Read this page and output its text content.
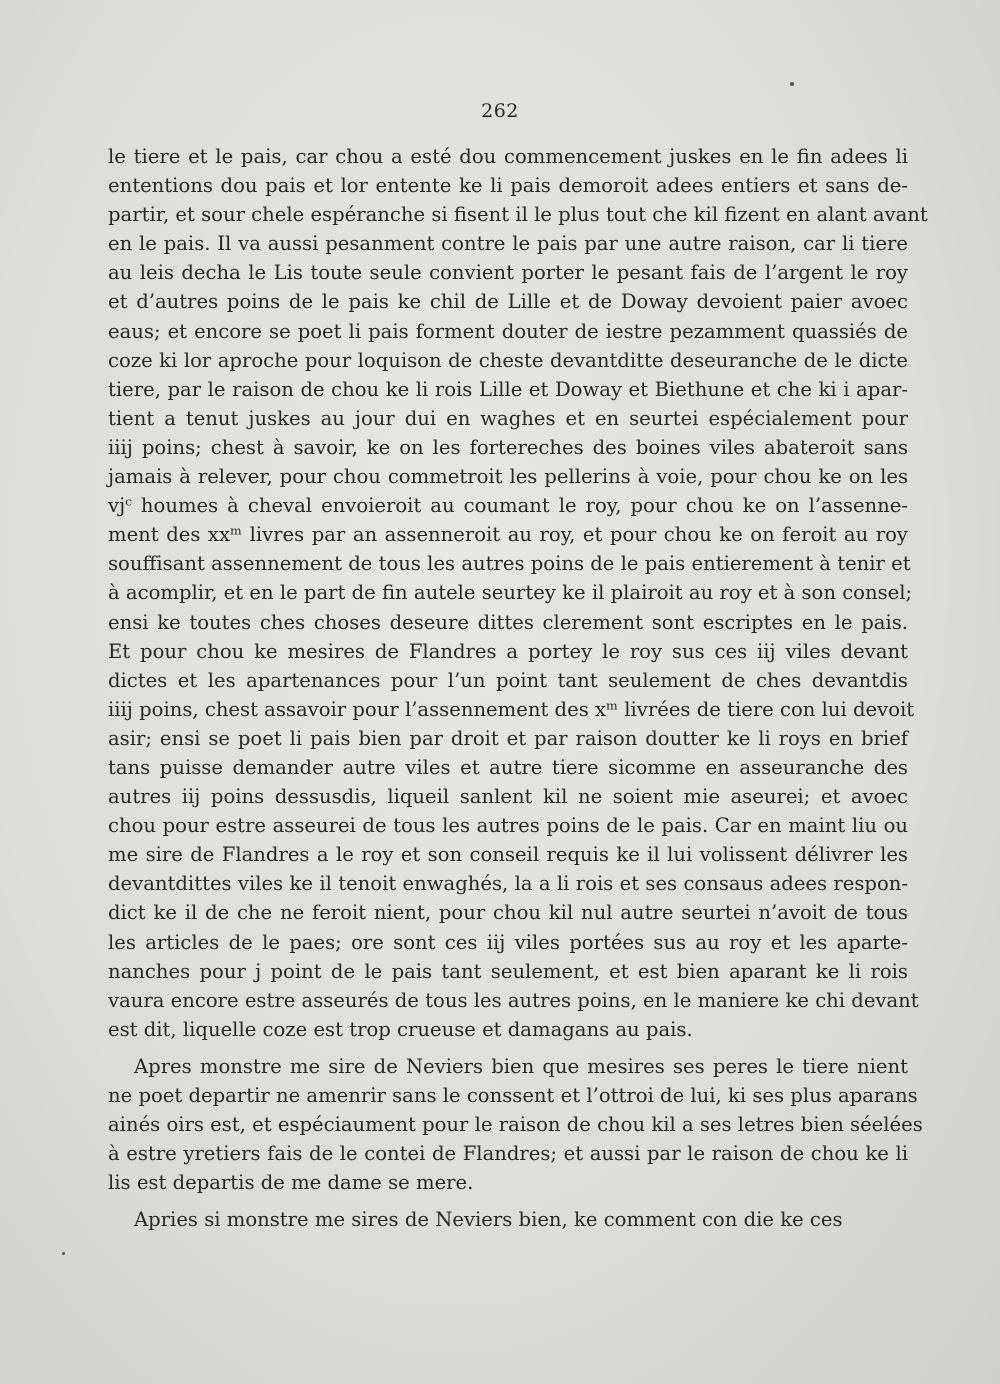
262
le tiere et le pais, car chou a esté dou commencement juskes en le fin adees li
ententions dou pais et lor entente ke li pais demoroit adees entiers et sans de-
partir, et sour chele espéranche si fisent il le plus tout che kil fizent en alant avant
en le pais. Il va aussi pesanment contre le pais par une autre raison, car li tiere
au leis decha le Lis toute seule convient porter le pesant fais de l’argent le roy
et d’autres poins de le pais ke chil de Lille et de Doway devoient paier avoec
eaus; et encore se poet li pais forment douter de iestre pezamment quassiés de
coze ki lor aproche pour loquison de cheste devantditte deseuranche de le dicte
tiere, par le raison de chou ke li rois Lille et Doway et Biethune et che ki i apar-
tient a tenut juskes au jour dui en waghes et en seurtei espécialement pour
iiij poins; chest à savoir, ke on les fortereches des boines viles abateroit sans
jamais à relever, pour chou commetroit les pellerins à voie, pour chou ke on les
vjᶜ houmes à cheval envoieroit au coumant le roy, pour chou ke on l’assenne-
ment des xxᵐ livres par an assenneroit au roy, et pour chou ke on feroit au roy
souffisant assennement de tous les autres poins de le pais entierement à tenir et
à acomplir, et en le part de fin autele seurtey ke il plairoit au roy et à son consel;
ensi ke toutes ches choses deseure dittes clerement sont escriptes en le pais.
Et pour chou ke mesires de Flandres a portey le roy sus ces iij viles devant
dictes et les apartenances pour l’un point tant seulement de ches devantdis
iiij poins, chest assavoir pour l’assennement des xᵐ livrées de tiere con lui devoit
asir; ensi se poet li pais bien par droit et par raison doutter ke li roys en brief
tans puisse demander autre viles et autre tiere sicomme en asseuranche des
autres iij poins dessusdis, liqueil sanlent kil ne soient mie aseurei; et avoec
chou pour estre asseurei de tous les autres poins de le pais. Car en maint liu ou
me sire de Flandres a le roy et son conseil requis ke il lui volissent délivrer les
devantdittes viles ke il tenoit enwaghés, la a li rois et ses consaus adees respon-
dict ke il de che ne feroit nient, pour chou kil nul autre seurtei n’avoit de tous
les articles de le paes; ore sont ces iij viles portées sus au roy et les aparte-
nanches pour j point de le pais tant seulement, et est bien aparant ke li rois
vaura encore estre asseurés de tous les autres poins, en le maniere ke chi devant
est dit, liquelle coze est trop crueuse et damagans au pais.
Apres monstre me sire de Neviers bien que mesires ses peres le tiere nient
ne poet departir ne amenrir sans le conssent et l’ottroi de lui, ki ses plus aparans
ainés oirs est, et espéciaument pour le raison de chou kil a ses letres bien séelées
à estre yretiers fais de le contei de Flandres; et aussi par le raison de chou ke li
lis est departis de me dame se mere.
Apries si monstre me sires de Neviers bien, ke comment con die ke ces
